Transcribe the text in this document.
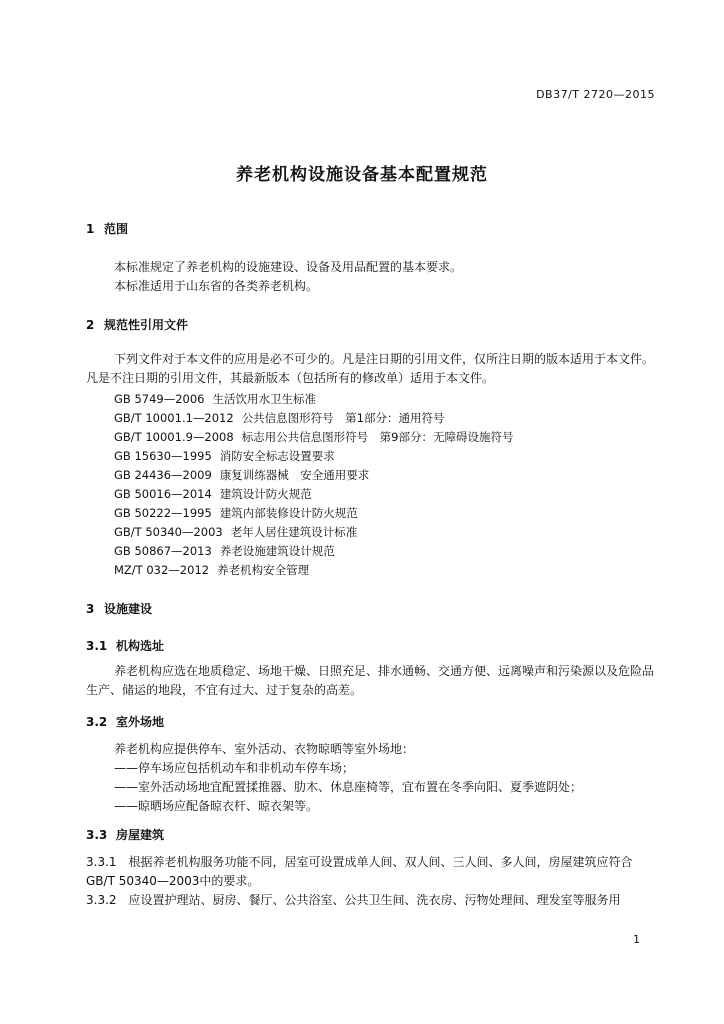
DB37/T 2720—2015
养老机构设施设备基本配置规范
1 范围
本标准规定了养老机构的设施建设、设备及用品配置的基本要求。
本标准适用于山东省的各类养老机构。
2 规范性引用文件
下列文件对于本文件的应用是必不可少的。凡是注日期的引用文件，仅所注日期的版本适用于本文件。凡是不注日期的引用文件，其最新版本（包括所有的修改单）适用于本文件。
GB 5749—2006 生活饮用水卫生标准
GB/T 10001.1—2012 公共信息图形符号　第1部分：通用符号
GB/T 10001.9—2008 标志用公共信息图形符号　第9部分：无障碍设施符号
GB 15630—1995 消防安全标志设置要求
GB 24436—2009 康复训练器械　安全通用要求
GB 50016—2014 建筑设计防火规范
GB 50222—1995 建筑内部装修设计防火规范
GB/T 50340—2003 老年人居住建筑设计标准
GB 50867—2013 养老设施建筑设计规范
MZ/T 032—2012 养老机构安全管理
3 设施建设
3.1 机构选址
养老机构应选在地质稳定、场地干燥、日照充足、排水通畅、交通方便、远离噪声和污染源以及危险品生产、储运的地段，不宜有过大、过于复杂的高差。
3.2 室外场地
养老机构应提供停车、室外活动、衣物晾晒等室外场地：
——停车场应包括机动车和非机动车停车场；
——室外活动场地宜配置揉推器、肋木、休息座椅等，宜布置在冬季向阳、夏季遮阴处；
——晾晒场应配备晾衣杆、晾衣架等。
3.3 房屋建筑
3.3.1　根据养老机构服务功能不同，居室可设置成单人间、双人间、三人间、多人间，房屋建筑应符合GB/T 50340—2003中的要求。
3.3.2　应设置护理站、厨房、餐厅、公共浴室、公共卫生间、洗衣房、污物处理间、理发室等服务用
1
